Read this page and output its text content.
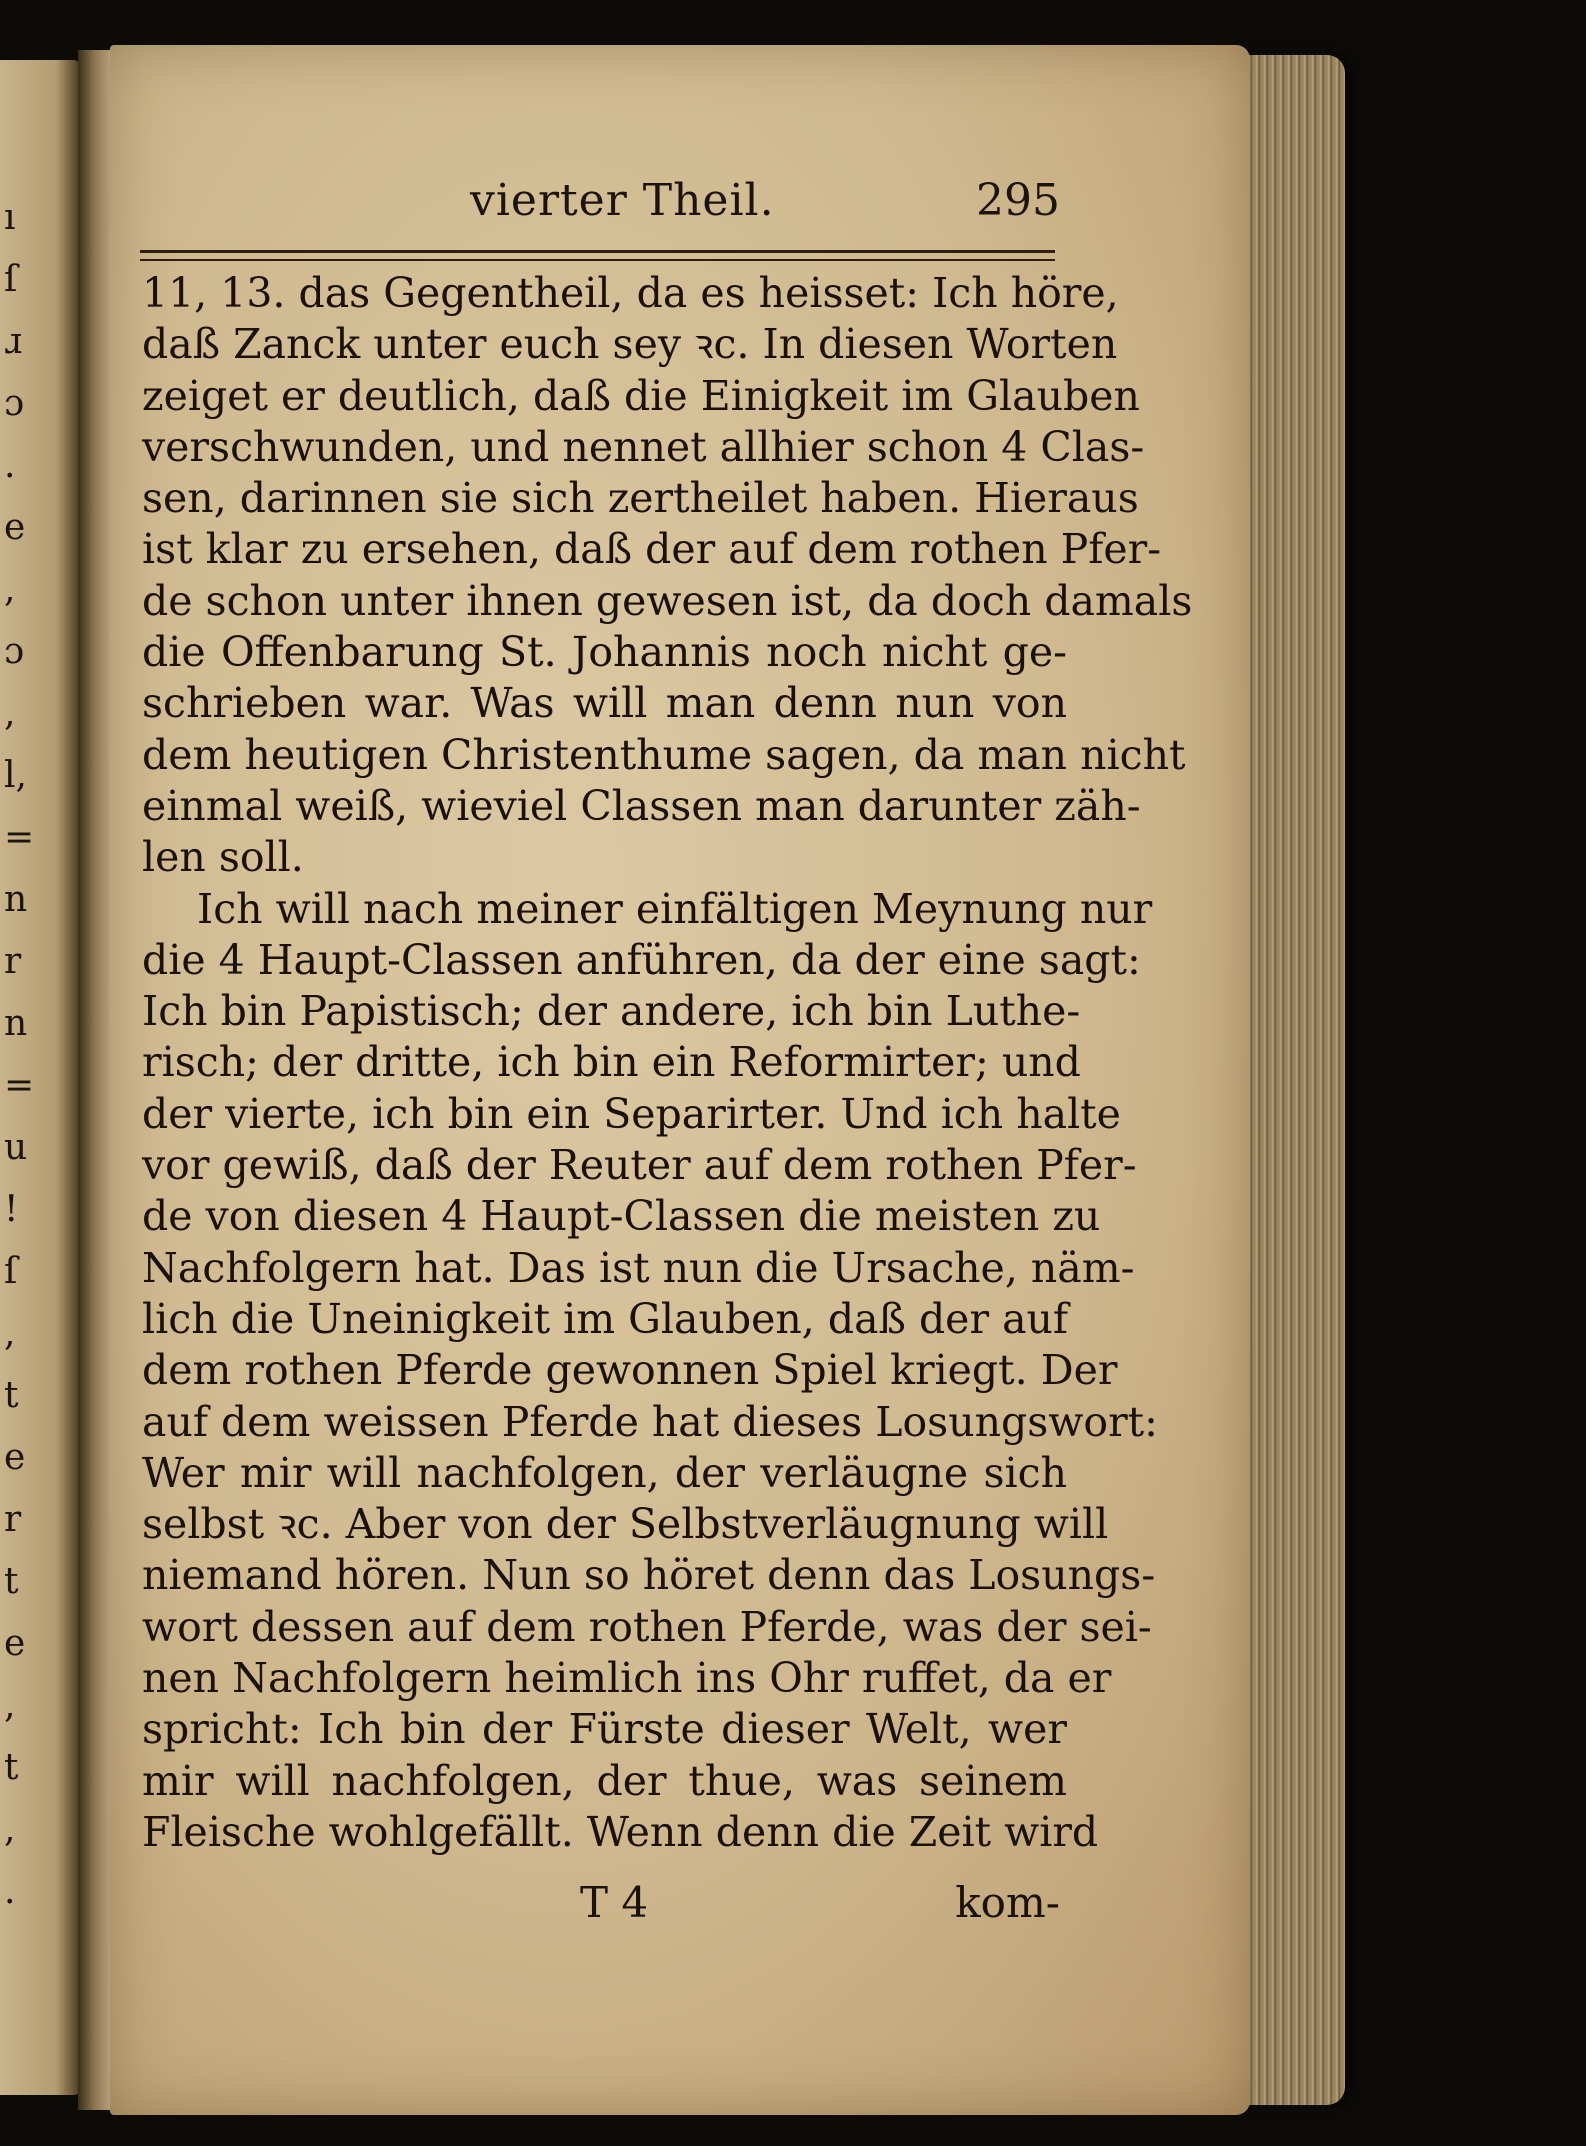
ı
ſ
ɹ
ɔ
.
e
,
ɔ
,
l,
=
n
r
n
=
u
!
ſ
,
t
e
r
t
e
,
t
,
.
vierter Theil.	295
11, 13. das Gegentheil, da es heisset: Ich höre,
daß Zanck unter euch sey ꝛc. In diesen Worten
zeiget er deutlich, daß die Einigkeit im Glauben
verschwunden, und nennet allhier schon 4 Clas-
sen, darinnen sie sich zertheilet haben. Hieraus
ist klar zu ersehen, daß der auf dem rothen Pfer-
de schon unter ihnen gewesen ist, da doch damals
die Offenbarung St. Johannis noch nicht ge-
schrieben war. Was will man denn nun von
dem heutigen Christenthume sagen, da man nicht
einmal weiß, wieviel Classen man darunter zäh-
len soll.
Ich will nach meiner einfältigen Meynung nur
die 4 Haupt-Classen anführen, da der eine sagt:
Ich bin Papistisch; der andere, ich bin Luthe-
risch; der dritte, ich bin ein Reformirter; und
der vierte, ich bin ein Separirter. Und ich halte
vor gewiß, daß der Reuter auf dem rothen Pfer-
de von diesen 4 Haupt-Classen die meisten zu
Nachfolgern hat. Das ist nun die Ursache, näm-
lich die Uneinigkeit im Glauben, daß der auf
dem rothen Pferde gewonnen Spiel kriegt. Der
auf dem weissen Pferde hat dieses Losungswort:
Wer mir will nachfolgen, der verläugne sich
selbst ꝛc. Aber von der Selbstverläugnung will
niemand hören. Nun so höret denn das Losungs-
wort dessen auf dem rothen Pferde, was der sei-
nen Nachfolgern heimlich ins Ohr ruffet, da er
spricht: Ich bin der Fürste dieser Welt, wer
mir will nachfolgen, der thue, was seinem
Fleische wohlgefällt. Wenn denn die Zeit wird
T 4	kom-
